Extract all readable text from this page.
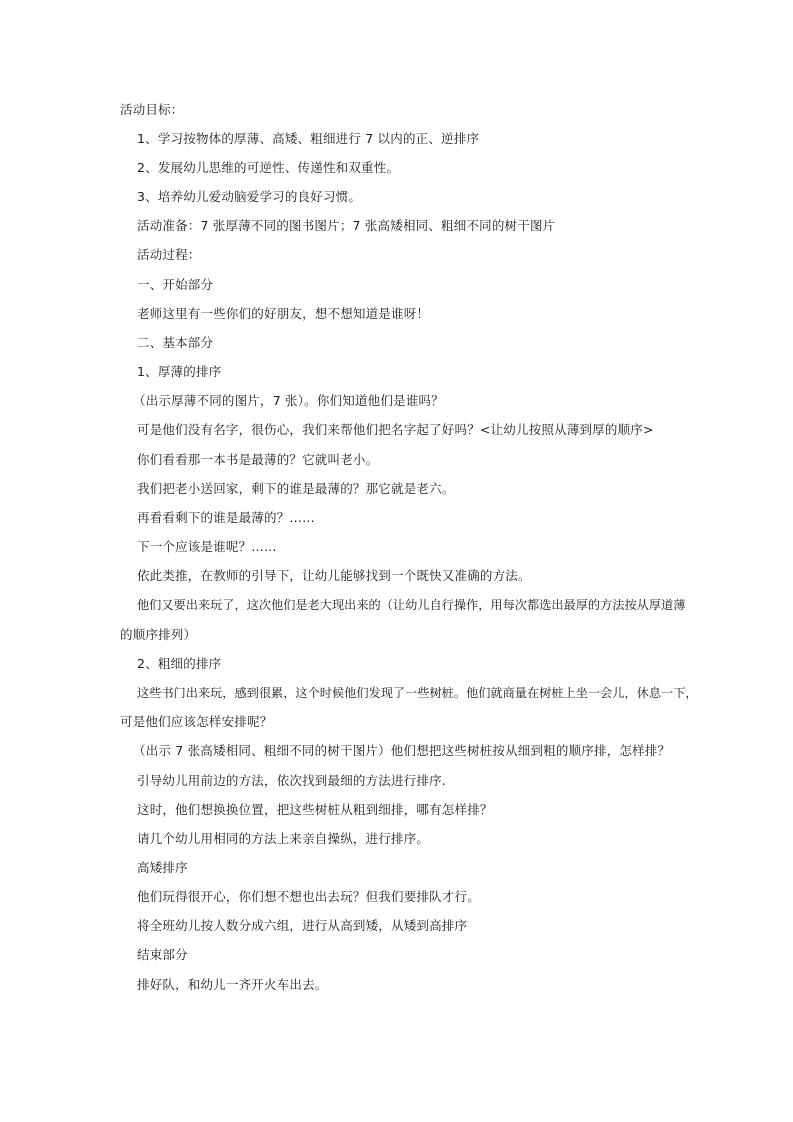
活动目标：
1、学习按物体的厚薄、高矮、粗细进行 7 以内的正、逆排序
2、发展幼儿思维的可逆性、传递性和双重性。
3、培养幼儿爱动脑爱学习的良好习惯。
活动准备：7 张厚薄不同的图书图片；7 张高矮相同、粗细不同的树干图片
活动过程：
一、开始部分
老师这里有一些你们的好朋友，想不想知道是谁呀！
二、基本部分
1、厚薄的排序
（出示厚薄不同的图片，7 张）。你们知道他们是谁吗？
可是他们没有名字，很伤心，我们来帮他们把名字起了好吗？<让幼儿按照从薄到厚的顺序>
你们看看那一本书是最薄的？它就叫老小。
我们把老小送回家，剩下的谁是最薄的？那它就是老六。
再看看剩下的谁是最薄的？……
下一个应该是谁呢？……
依此类推，在教师的引导下，让幼儿能够找到一个既快又准确的方法。
他们又要出来玩了，这次他们是老大现出来的（让幼儿自行操作，用每次都选出最厚的方法按从厚道薄
的顺序排列）
2、粗细的排序
这些书门出来玩，感到很累，这个时候他们发现了一些树桩。他们就商量在树桩上坐一会儿，休息一下，
可是他们应该怎样安排呢？
（出示 7 张高矮相同、粗细不同的树干图片）他们想把这些树桩按从细到粗的顺序排，怎样排？
引导幼儿用前边的方法，依次找到最细的方法进行排序.
这时，他们想换换位置，把这些树桩从粗到细排，哪有怎样排？
请几个幼儿用相同的方法上来亲自操纵，进行排序。
高矮排序
他们玩得很开心，你们想不想也出去玩？但我们要排队才行。
将全班幼儿按人数分成六组，进行从高到矮，从矮到高排序
结束部分
排好队，和幼儿一齐开火车出去。
